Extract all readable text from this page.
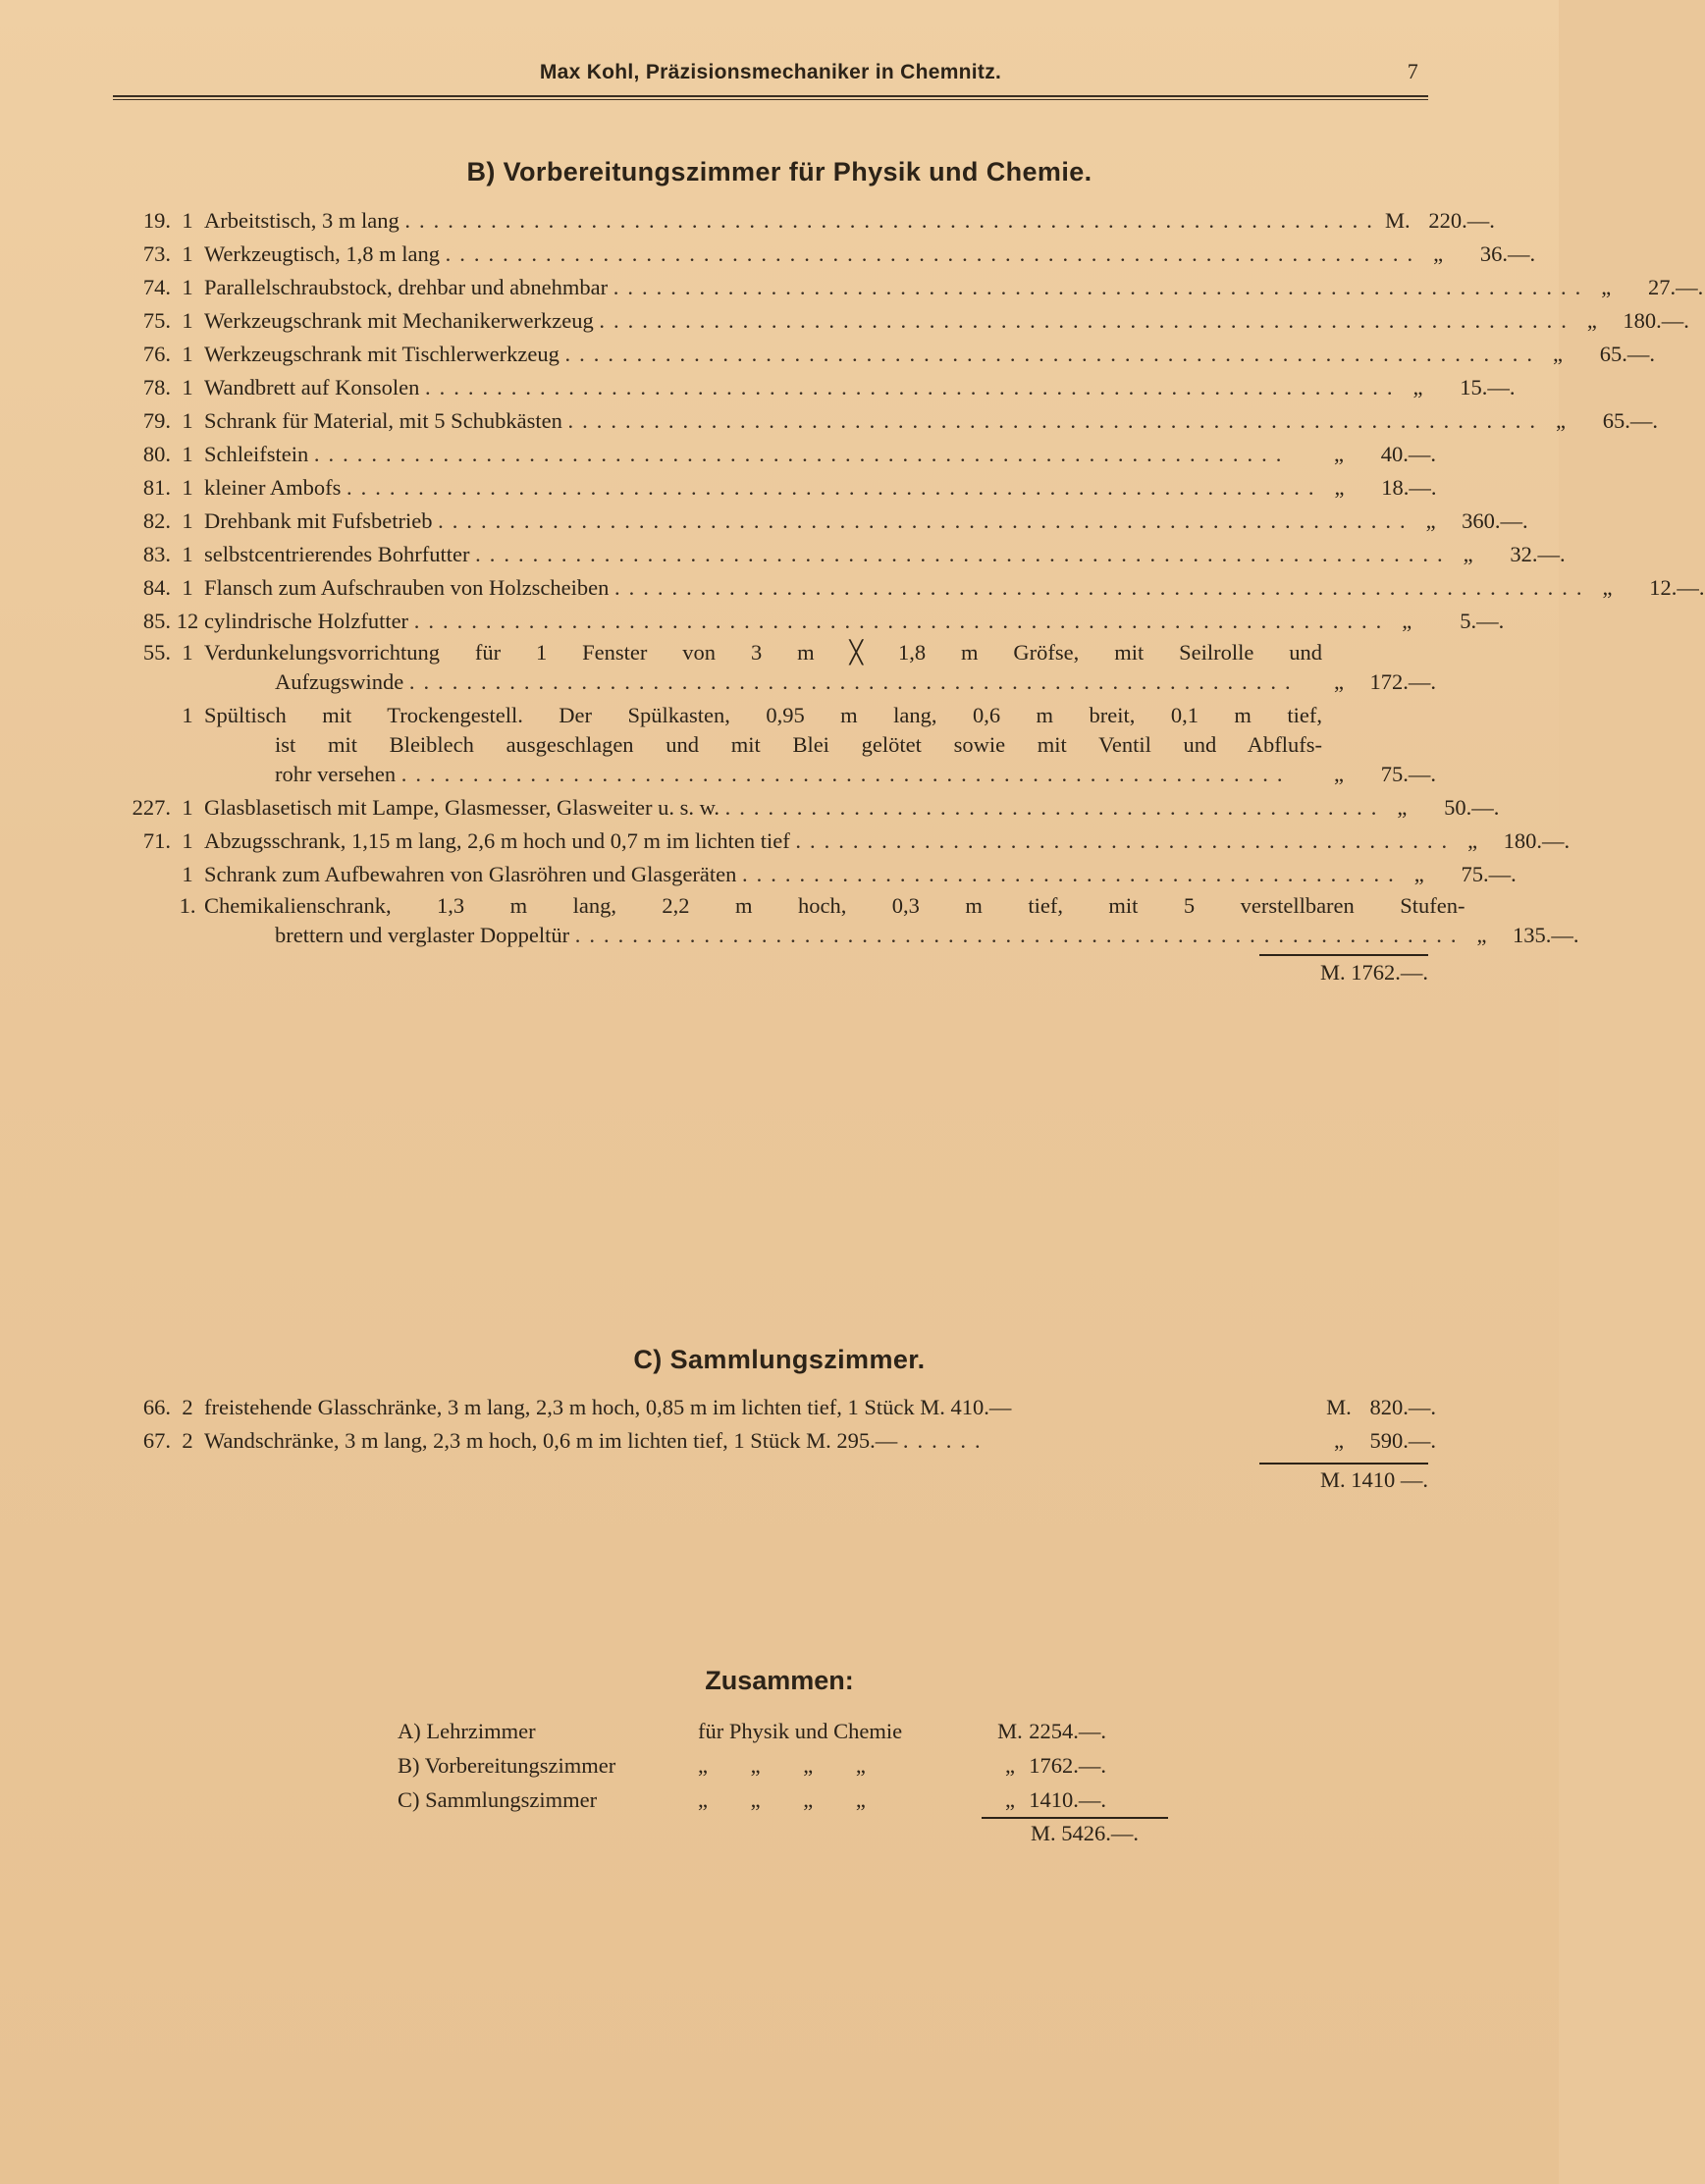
Max Kohl, Präzisionsmechaniker in Chemnitz.	7
B) Vorbereitungszimmer für Physik und Chemie.
19. 1 Arbeitstisch, 3 m lang .................................................................... M. 220.—.
73. 1 Werkzeugtisch, 1,8 m lang .................................................................... „	36.—.
74. 1 Parallelschraubstock, drehbar und abnehmbar .................................................................... „	27.—.
75. 1 Werkzeugschrank mit Mechanikerwerkzeug .................................................................... „	180.—.
76. 1 Werkzeugschrank mit Tischlerwerkzeug .................................................................... „	65.—.
78. 1 Wandbrett auf Konsolen .................................................................... „	15.—.
79. 1 Schrank für Material, mit 5 Schubkästen .................................................................... „	65.—.
80. 1 Schleifstein ....................................................................	„	40.—.
81. 1 kleiner Ambofs .................................................................... „	18.—.
82. 1 Drehbank mit Fufsbetrieb .................................................................... „	360.—.
83. 1 selbstcentrierendes Bohrfutter .................................................................... „	32.—.
84. 1 Flansch zum Aufschrauben von Holzscheiben .................................................................... „	12.—.
85. 12 cylindrische Holzfutter .................................................................... „	5.—.
55. 1 Verdunkelungsvorrichtung für 1 Fenster von 3 m ╳ 1,8 m Gröfse, mit Seilrolle und
Aufzugswinde ..............................................................	„	172.—.
1 Spültisch mit Trockengestell. Der Spülkasten, 0,95 m lang, 0,6 m breit, 0,1 m tief,
ist mit Bleiblech ausgeschlagen und mit Blei gelötet sowie mit Ventil und Abflufs-
rohr versehen ..............................................................	„	75.—.
227. 1 Glasblasetisch mit Lampe, Glasmesser, Glasweiter u. s. w. .............................................. „	50.—.
71. 1 Abzugsschrank, 1,15 m lang, 2,6 m hoch und 0,7 m im lichten tief .............................................. „	180.—.
1 Schrank zum Aufbewahren von Glasröhren und Glasgeräten .............................................. „	75.—.
1. Chemikalienschrank, 1,3 m lang, 2,2 m hoch, 0,3 m tief, mit 5 verstellbaren Stufen-
brettern und verglaster Doppeltür .............................................................. „	135.—.
M. 1762.—.
C) Sammlungszimmer.
66. 2 freistehende Glasschränke, 3 m lang, 2,3 m hoch, 0,85 m im lichten tief, 1 Stück M. 410.—	M. 820.—.
67. 2 Wandschränke, 3 m lang, 2,3 m hoch, 0,6 m im lichten tief, 1 Stück M. 295.— ......	„	590.—.
M. 1410 —.
Zusammen:
A) Lehrzimmer	für Physik und Chemie	M. 2254.—.
B) Vorbereitungszimmer	„ „ „ „	„ 1762.—.
C) Sammlungszimmer	„ „ „ „	„ 1410.—.
M. 5426.—.
